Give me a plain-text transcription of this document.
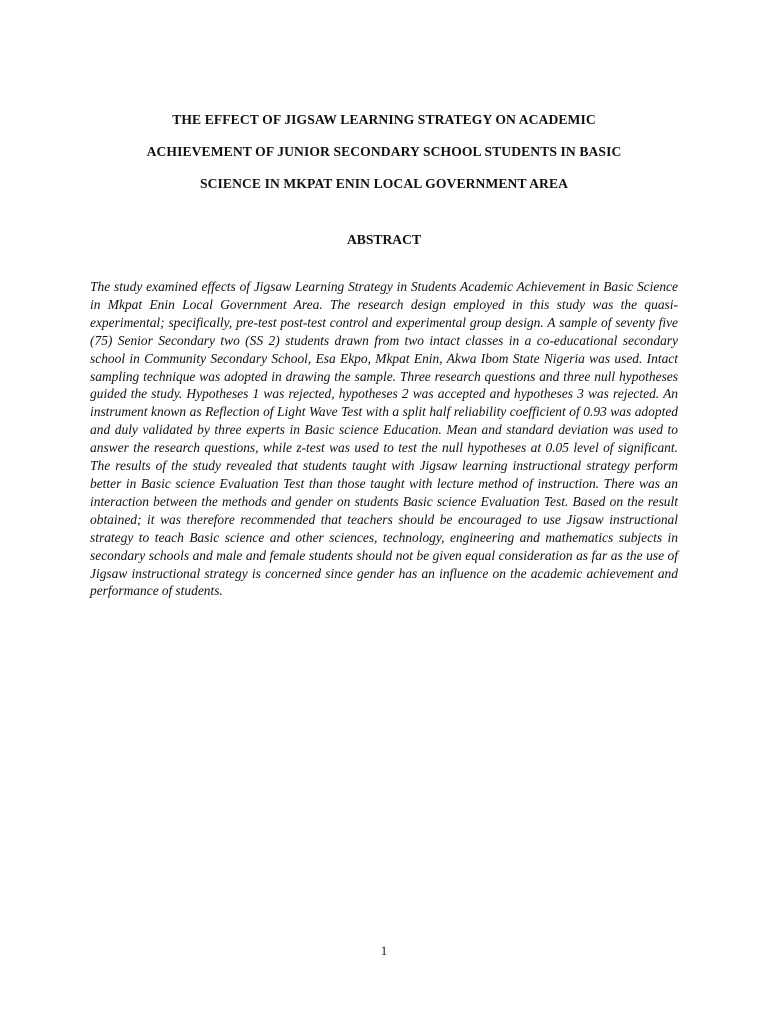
THE EFFECT OF JIGSAW LEARNING STRATEGY ON ACADEMIC

ACHIEVEMENT OF JUNIOR SECONDARY SCHOOL STUDENTS IN BASIC

SCIENCE IN MKPAT ENIN LOCAL GOVERNMENT AREA

ABSTRACT

The study examined effects of Jigsaw Learning Strategy in Students Academic Achievement in Basic Science in Mkpat Enin Local Government Area. The research design employed in this study was the quasi-experimental; specifically, pre-test post-test control and experimental group design. A sample of seventy five (75) Senior Secondary two (SS 2) students drawn from two intact classes in a co-educational secondary school in Community Secondary School, Esa Ekpo, Mkpat Enin, Akwa Ibom State Nigeria was used. Intact sampling technique was adopted in drawing the sample. Three research questions and three null hypotheses guided the study. Hypotheses 1 was rejected, hypotheses 2 was accepted and hypotheses 3 was rejected. An instrument known as Reflection of Light Wave Test with a split half reliability coefficient of 0.93 was adopted and duly validated by three experts in Basic science Education. Mean and standard deviation was used to answer the research questions, while z-test was used to test the null hypotheses at 0.05 level of significant. The results of the study revealed that students taught with Jigsaw learning instructional strategy perform better in Basic science Evaluation Test than those taught with lecture method of instruction. There was an interaction between the methods and gender on students Basic science Evaluation Test. Based on the result obtained; it was therefore recommended that teachers should be encouraged to use Jigsaw instructional strategy to teach Basic science and other sciences, technology, engineering and mathematics subjects in secondary schools and male and female students should not be given equal consideration as far as the use of Jigsaw instructional strategy is concerned since gender has an influence on the academic achievement and performance of students.

1
